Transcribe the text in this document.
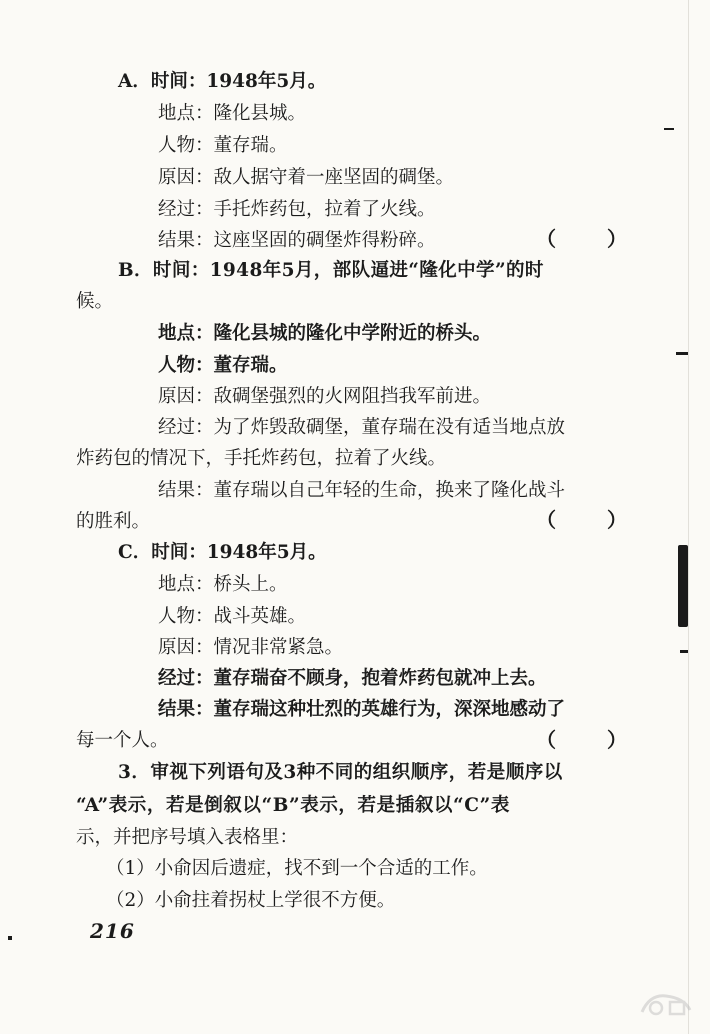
A．时间：1948年5月。
地点：隆化县城。
人物：董存瑞。
原因：敌人据守着一座坚固的碉堡。
经过：手托炸药包，拉着了火线。
结果：这座坚固的碉堡炸得粉碎。	（ ）
B．时间：1948年5月，部队逼进“隆化中学”的时
候。
地点：隆化县城的隆化中学附近的桥头。
人物：董存瑞。
原因：敌碉堡强烈的火网阻挡我军前进。
经过：为了炸毁敌碉堡，董存瑞在没有适当地点放
炸药包的情况下，手托炸药包，拉着了火线。
结果：董存瑞以自己年轻的生命，换来了隆化战斗
的胜利。	（ ）
C．时间：1948年5月。
地点：桥头上。
人物：战斗英雄。
原因：情况非常紧急。
经过：董存瑞奋不顾身，抱着炸药包就冲上去。
结果：董存瑞这种壮烈的英雄行为，深深地感动了
每一个人。	（ ）
3．审视下列语句及3种不同的组织顺序，若是顺序以
“A”表示，若是倒叙以“B”表示，若是插叙以“C”表
示，并把序号填入表格里：
（1）小俞因后遗症，找不到一个合适的工作。
（2）小俞拄着拐杖上学很不方便。
216
